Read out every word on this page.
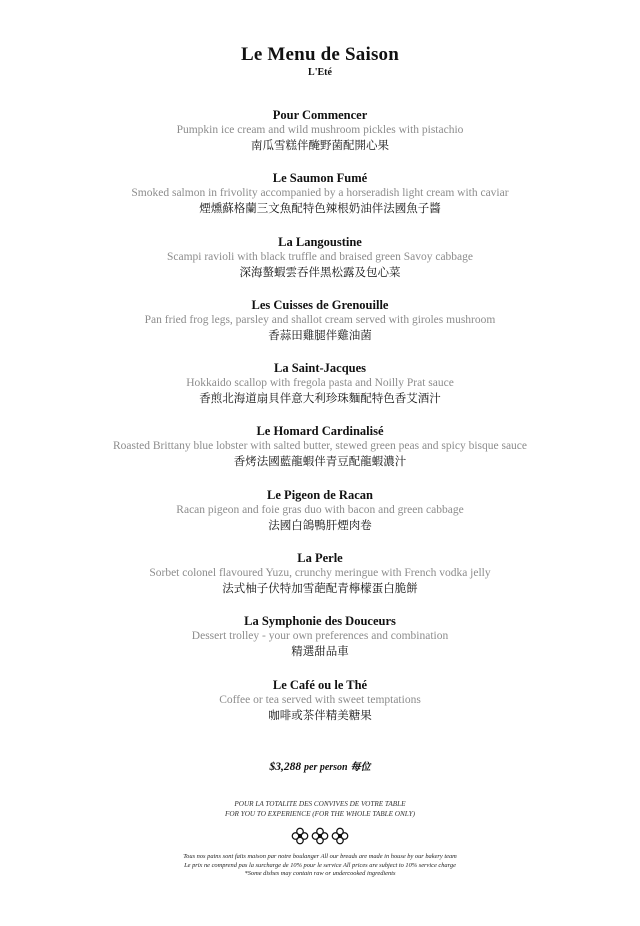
Le Menu de Saison
L'Eté
Pour Commencer
Pumpkin ice cream and wild mushroom pickles with pistachio
南瓜雪糕伴醃野菌配開心果
Le Saumon Fumé
Smoked salmon in frivolity accompanied by a horseradish light cream with caviar
煙燻蘇格蘭三文魚配特色辣根奶油伴法國魚子醬
La Langoustine
Scampi ravioli with black truffle and braised green Savoy cabbage
深海螯蝦雲吞伴黑松露及包心菜
Les Cuisses de Grenouille
Pan fried frog legs, parsley and shallot cream served with giroles mushroom
香蒜田雞腿伴雞油菌
La Saint-Jacques
Hokkaido scallop with fregola pasta and Noilly Prat sauce
香煎北海道扇貝伴意大利珍珠麵配特色香艾酒汁
Le Homard Cardinalisé
Roasted Brittany blue lobster with salted butter, stewed green peas and spicy bisque sauce
香烤法國藍龍蝦伴青豆配龍蝦濃汁
Le Pigeon de Racan
Racan pigeon and foie gras duo with bacon and green cabbage
法國白鴿鴨肝煙肉卷
La Perle
Sorbet colonel flavoured Yuzu, crunchy meringue with French vodka jelly
法式柚子伏特加雪葩配青檸檬蛋白脆餅
La Symphonie des Douceurs
Dessert trolley - your own preferences and combination
精選甜品車
Le Café ou le Thé
Coffee or tea served with sweet temptations
咖啡或茶伴精美糖果
$3,288 per person 每位
POUR LA TOTALITE DES CONVIVES DE VOTRE TABLE
FOR YOU TO EXPERIENCE (FOR THE WHOLE TABLE ONLY)
Tous nos pains sont faits maison par notre boulanger All our breads are made in house by our bakery team
Le prix ne comprend pas la surcharge de 10% pour le service All prices are subject to 10% service charge
*Some dishes may contain raw or undercooked ingredients
